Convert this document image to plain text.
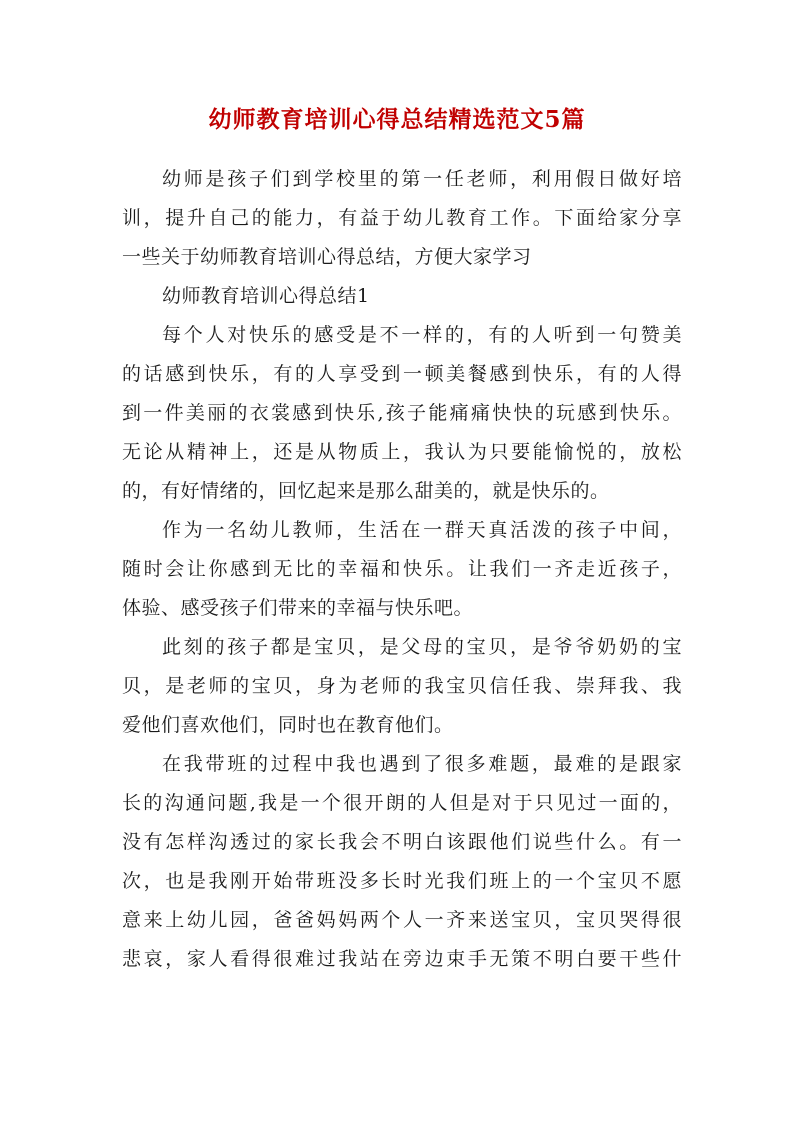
幼师教育培训心得总结精选范文5篇
幼师是孩子们到学校里的第一任老师，利用假日做好培
训，提升自己的能力，有益于幼儿教育工作。下面给家分享
一些关于幼师教育培训心得总结，方便大家学习
幼师教育培训心得总结1
每个人对快乐的感受是不一样的，有的人听到一句赞美
的话感到快乐，有的人享受到一顿美餐感到快乐，有的人得
到一件美丽的衣裳感到快乐,孩子能痛痛快快的玩感到快乐。
无论从精神上，还是从物质上，我认为只要能愉悦的，放松
的，有好情绪的，回忆起来是那么甜美的，就是快乐的。
作为一名幼儿教师，生活在一群天真活泼的孩子中间，
随时会让你感到无比的幸福和快乐。让我们一齐走近孩子，
体验、感受孩子们带来的幸福与快乐吧。
此刻的孩子都是宝贝，是父母的宝贝，是爷爷奶奶的宝
贝，是老师的宝贝，身为老师的我宝贝信任我、崇拜我、我
爱他们喜欢他们，同时也在教育他们。
在我带班的过程中我也遇到了很多难题，最难的是跟家
长的沟通问题,我是一个很开朗的人但是对于只见过一面的，
没有怎样沟透过的家长我会不明白该跟他们说些什么。有一
次，也是我刚开始带班没多长时光我们班上的一个宝贝不愿
意来上幼儿园，爸爸妈妈两个人一齐来送宝贝，宝贝哭得很
悲哀，家人看得很难过我站在旁边束手无策不明白要干些什
